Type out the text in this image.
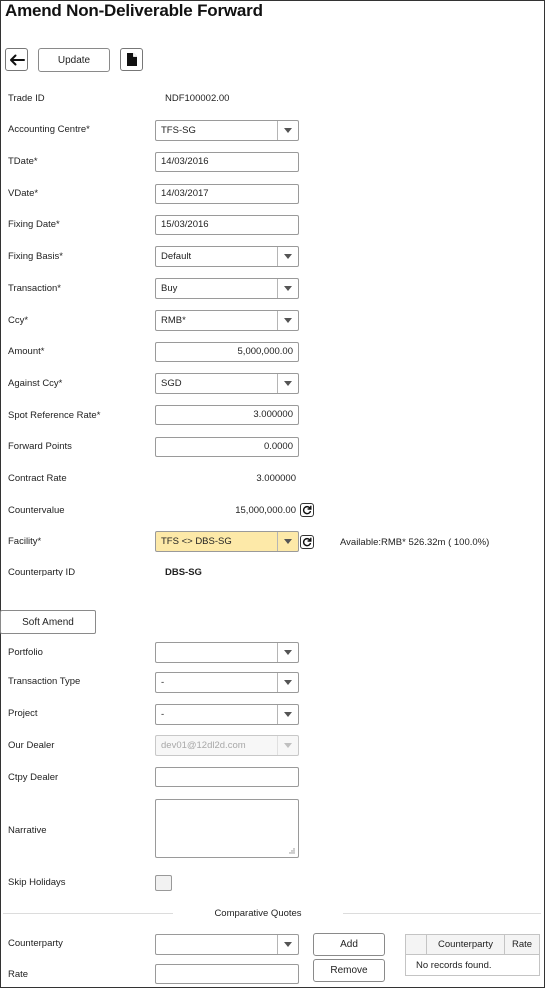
Amend Non-Deliverable Forward
Update
Trade ID	NDF100002.00
Accounting Centre*	TFS-SG
TDate*	14/03/2016
VDate*	14/03/2017
Fixing Date*	15/03/2016
Fixing Basis*	Default
Transaction*	Buy
Ccy*	RMB*
Amount*	5,000,000.00
Against Ccy*	SGD
Spot Reference Rate*	3.000000
Forward Points	0.0000
Contract Rate	3.000000
Countervalue	15,000,000.00
Facility*	TFS <> DBS-SG	Available:RMB* 526.32m ( 100.0%)
Counterparty ID	DBS-SG
Soft Amend
Portfolio
Transaction Type	-
Project	-
Our Dealer	dev01@12dl2d.com
Ctpy Dealer
Narrative
Skip Holidays
Comparative Quotes
Counterparty
Rate
Add
Remove
Counterparty	Rate
No records found.
